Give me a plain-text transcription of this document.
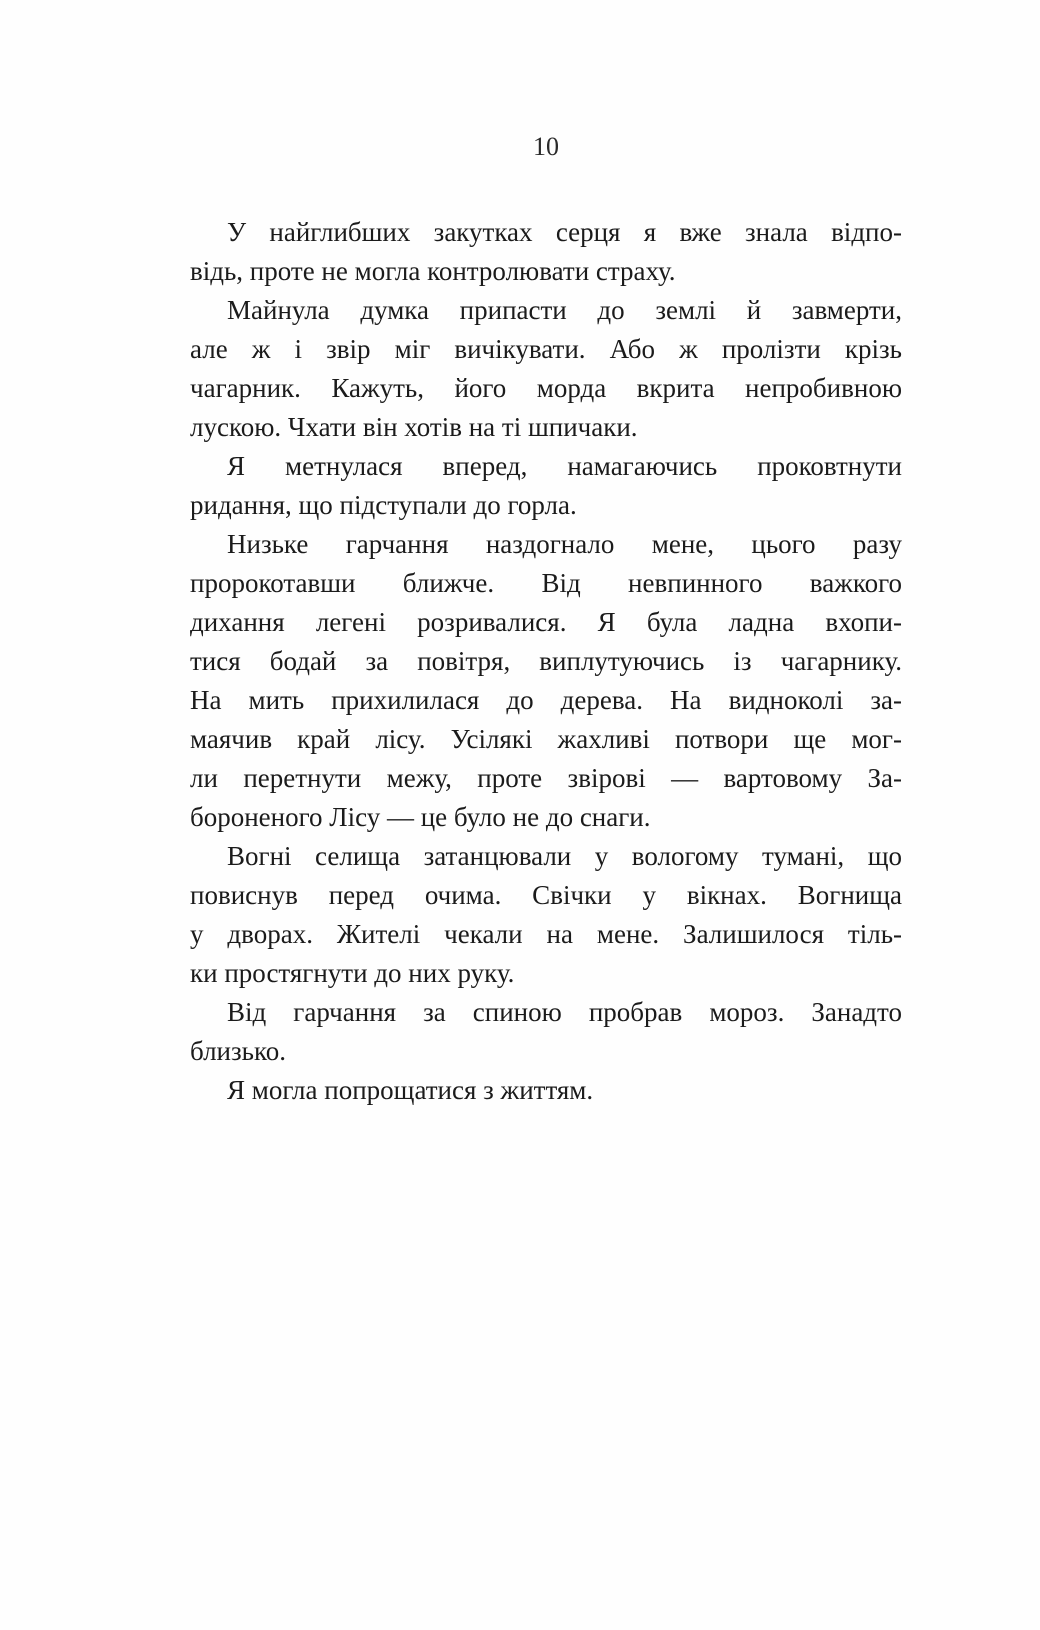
10
У найглибших закутках серця я вже знала відпо-
відь, проте не могла контролювати страху.
Майнула думка припасти до землі й завмерти,
але ж і звір міг вичікувати. Або ж пролізти крізь
чагарник. Кажуть, його морда вкрита непробивною
лускою. Чхати він хотів на ті шпичаки.
Я метнулася вперед, намагаючись проковтнути
ридання, що підступали до горла.
Низьке гарчання наздогнало мене, цього разу
пророкотавши ближче. Від невпинного важкого
дихання легені розривалися. Я була ладна вхопи-
тися бодай за повітря, виплутуючись із чагарнику.
На мить прихилилася до дерева. На видноколі за-
маячив край лісу. Усілякі жахливі потвори ще мог-
ли перетнути межу, проте звірові — вартовому За-
бороненого Лісу — це було не до снаги.
Вогні селища затанцювали у вологому тумані, що
повиснув перед очима. Свічки у вікнах. Вогнища
у дворах. Жителі чекали на мене. Залишилося тіль-
ки простягнути до них руку.
Від гарчання за спиною пробрав мороз. Занадто
близько.
Я могла попрощатися з життям.
